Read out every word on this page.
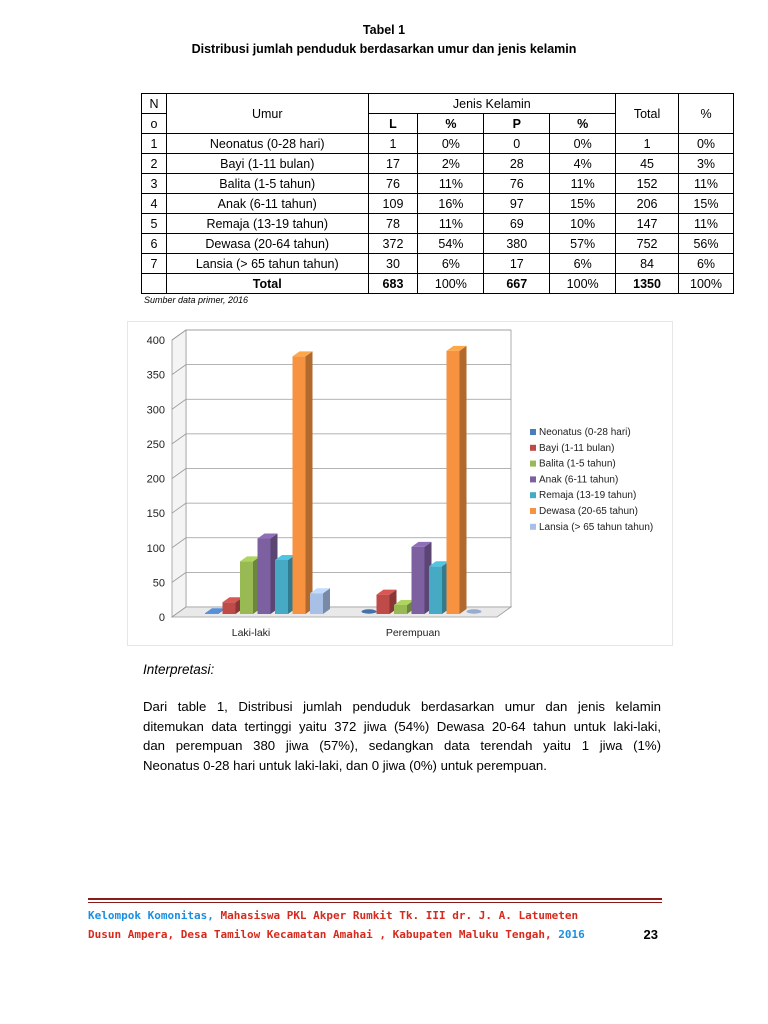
Tabel 1
Distribusi jumlah penduduk berdasarkan umur dan jenis kelamin
N	Umur	Jenis Kelamin				Total	%
o		L	%	P	%		
1	Neonatus (0-28 hari)	1	0%	0	0%	1	0%
2	Bayi (1-11 bulan)	17	2%	28	4%	45	3%
3	Balita (1-5 tahun)	76	11%	76	11%	152	11%
4	Anak (6-11 tahun)	109	16%	97	15%	206	15%
5	Remaja (13-19 tahun)	78	11%	69	10%	147	11%
6	Dewasa (20-64 tahun)	372	54%	380	57%	752	56%
7	Lansia (> 65 tahun tahun)	30	6%	17	6%	84	6%
	Total	683	100%	667	100%	1350	100%
Sumber data primer, 2016
0
50
100
150
200
250
300
350
400
Laki-laki	Perempuan
Neonatus (0-28 hari)
Bayi (1-11 bulan)
Balita (1-5 tahun)
Anak (6-11 tahun)
Remaja (13-19 tahun)
Dewasa (20-65 tahun)
Lansia (> 65 tahun tahun)
Interpretasi:
Dari table 1, Distribusi jumlah penduduk berdasarkan umur dan jenis kelamin
ditemukan data tertinggi yaitu 372 jiwa (54%) Dewasa 20-64 tahun untuk laki-laki,
dan perempuan 380 jiwa (57%), sedangkan data terendah yaitu 1 jiwa (1%)
Neonatus 0-28 hari untuk laki-laki, dan 0 jiwa (0%) untuk perempuan.
Kelompok Komonitas, Mahasiswa PKL Akper Rumkit Tk. III dr. J. A. Latumeten
Dusun Ampera, Desa Tamilow Kecamatan Amahai , Kabupaten Maluku Tengah, 2016	23
